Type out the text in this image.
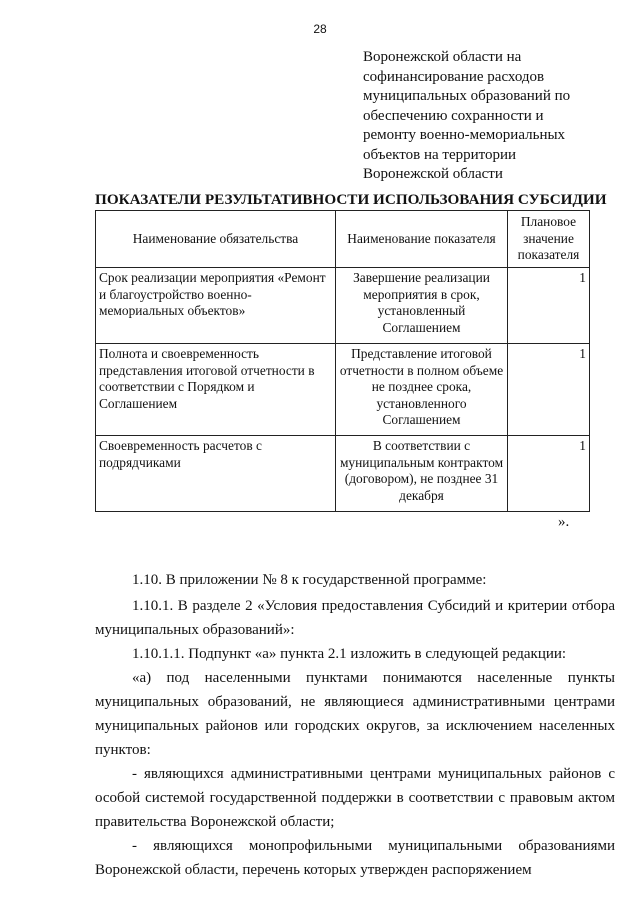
28
Воронежской области на
софинансирование расходов
муниципальных образований по
обеспечению сохранности и
ремонту военно-мемориальных
объектов на территории
Воронежской области
ПОКАЗАТЕЛИ РЕЗУЛЬТАТИВНОСТИ ИСПОЛЬЗОВАНИЯ СУБСИДИИ
Наименование обязательства	Наименование показателя	Плановое значение показателя
Срок реализации мероприятия «Ремонт и благоустройство военно-мемориальных объектов»	Завершение реализации мероприятия в срок, установленный Соглашением	1
Полнота и своевременность представления итоговой отчетности в соответствии с Порядком и Соглашением	Представление итоговой отчетности в полном объеме не позднее срока, установленного Соглашением	1
Своевременность расчетов с подрядчиками	В соответствии с муниципальным контрактом (договором), не позднее 31 декабря	1
».

1.10. В приложении № 8 к государственной программе:

1.10.1. В разделе 2 «Условия предоставления Субсидий и критерии отбора муниципальных образований»:

1.10.1.1. Подпункт «а» пункта 2.1 изложить в следующей редакции:

«а) под населенными пунктами понимаются населенные пункты муниципальных образований, не являющиеся административными центрами муниципальных районов или городских округов, за исключением населенных пунктов:

- являющихся административными центрами муниципальных районов с особой системой государственной поддержки в соответствии с правовым актом правительства Воронежской области;

- являющихся монопрофильными муниципальными образованиями Воронежской области, перечень которых утвержден распоряжением
